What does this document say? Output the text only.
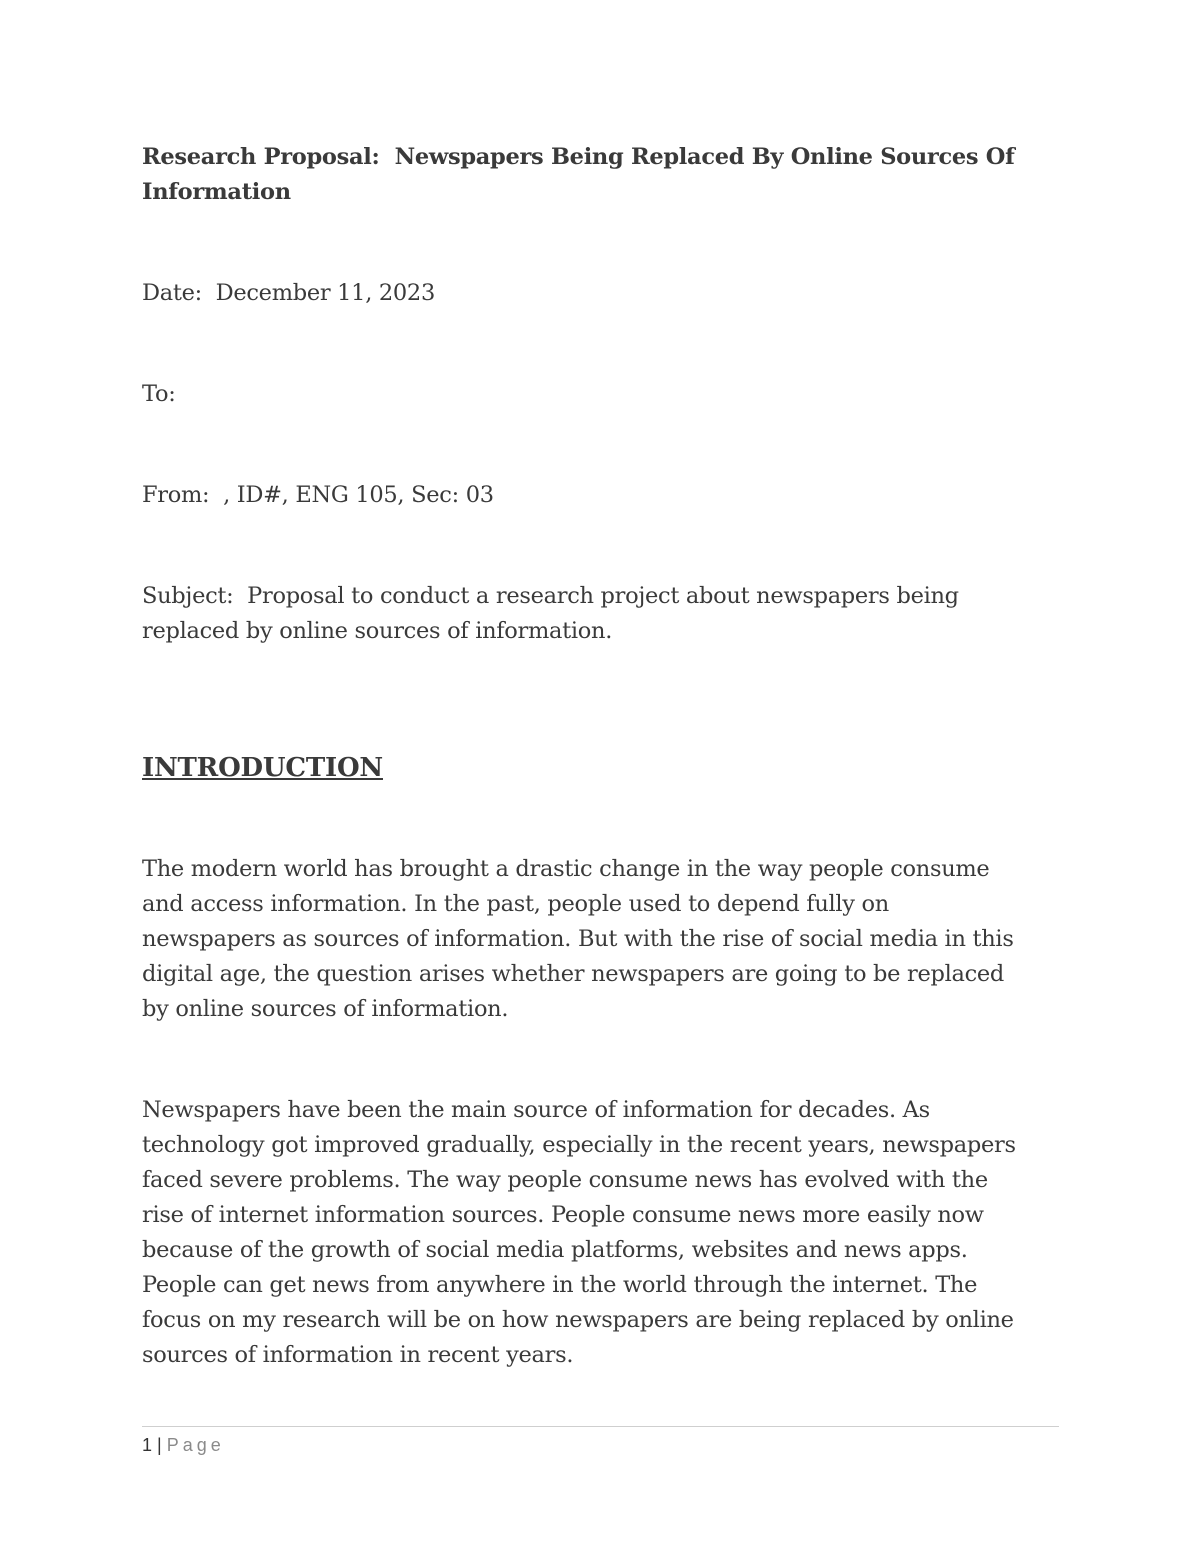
Research Proposal: Newspapers Being Replaced By Online Sources Of
Information

Date: December 11, 2023

To:

From: , ID#, ENG 105, Sec: 03

Subject: Proposal to conduct a research project about newspapers being
replaced by online sources of information.

INTRODUCTION

The modern world has brought a drastic change in the way people consume
and access information. In the past, people used to depend fully on
newspapers as sources of information. But with the rise of social media in this
digital age, the question arises whether newspapers are going to be replaced
by online sources of information.
Newspapers have been the main source of information for decades. As
technology got improved gradually, especially in the recent years, newspapers
faced severe problems. The way people consume news has evolved with the
rise of internet information sources. People consume news more easily now
because of the growth of social media platforms, websites and news apps.
People can get news from anywhere in the world through the internet. The
focus on my research will be on how newspapers are being replaced by online
sources of information in recent years.
1 | Page
